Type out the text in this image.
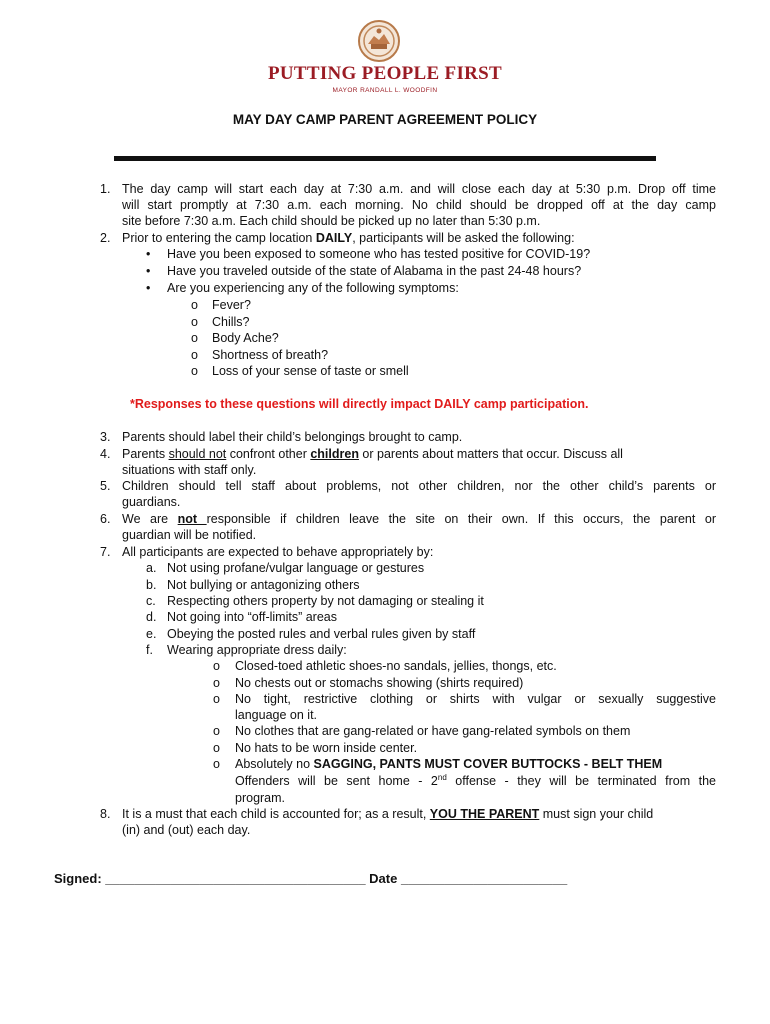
PUTTING PEOPLE FIRST
MAYOR RANDALL L. WOODFIN
MAY DAY CAMP PARENT AGREEMENT POLICY
1. The day camp will start each day at 7:30 a.m. and will close each day at 5:30 p.m. Drop off time
will start promptly at 7:30 a.m. each morning. No child should be dropped off at the day camp
site before 7:30 a.m. Each child should be picked up no later than 5:30 p.m.
2. Prior to entering the camp location DAILY, participants will be asked the following:
• Have you been exposed to someone who has tested positive for COVID-19?
• Have you traveled outside of the state of Alabama in the past 24-48 hours?
• Are you experiencing any of the following symptoms:
o Fever?
o Chills?
o Body Ache?
o Shortness of breath?
o Loss of your sense of taste or smell
*Responses to these questions will directly impact DAILY camp participation.
3. Parents should label their child’s belongings brought to camp.
4. Parents should not confront other children or parents about matters that occur. Discuss all
situations with staff only.
5. Children should tell staff about problems, not other children, nor the other child’s parents or
guardians.
6. We are not responsible if children leave the site on their own. If this occurs, the parent or
guardian will be notified.
7. All participants are expected to behave appropriately by:
a. Not using profane/vulgar language or gestures
b. Not bullying or antagonizing others
c. Respecting others property by not damaging or stealing it
d. Not going into “off-limits” areas
e. Obeying the posted rules and verbal rules given by staff
f. Wearing appropriate dress daily:
o Closed-toed athletic shoes-no sandals, jellies, thongs, etc.
o No chests out or stomachs showing (shirts required)
o No tight, restrictive clothing or shirts with vulgar or sexually suggestive
language on it.
o No clothes that are gang-related or have gang-related symbols on them
o No hats to be worn inside center.
o Absolutely no SAGGING, PANTS MUST COVER BUTTOCKS - BELT THEM
Offenders will be sent home - 2nd offense - they will be terminated from the
program.
8. It is a must that each child is accounted for; as a result, YOU THE PARENT must sign your child
(in) and (out) each day.
Signed: ____________________________________ Date _______________________
